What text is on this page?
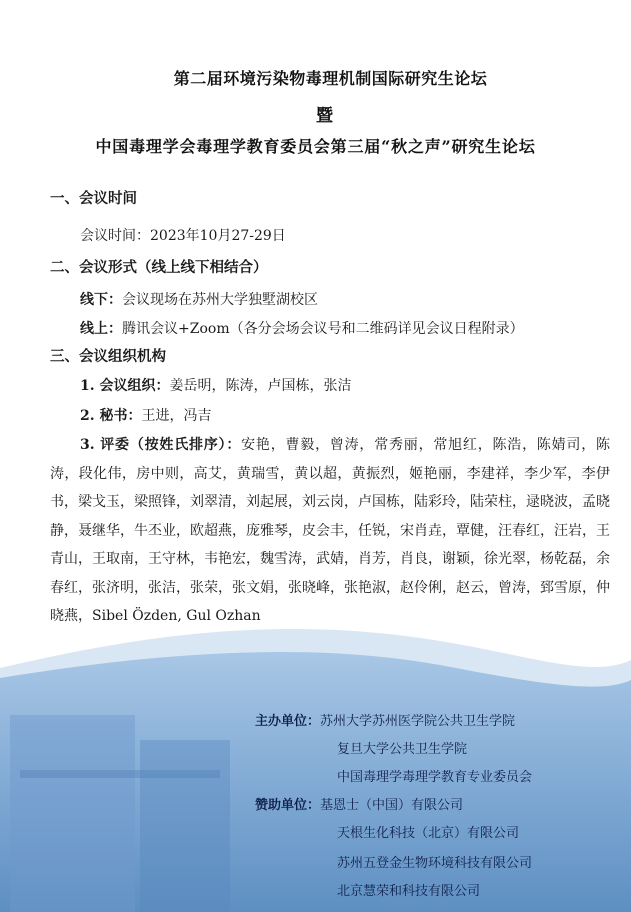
第二届环境污染物毒理机制国际研究生论坛
暨
中国毒理学会毒理学教育委员会第三届“秋之声”研究生论坛
一、会议时间
会议时间：2023年10月27-29日
二、会议形式（线上线下相结合）
线下：会议现场在苏州大学独墅湖校区
线上：腾讯会议+Zoom（各分会场会议号和二维码详见会议日程附录）
三、会议组织机构
1. 会议组织：姜岳明，陈涛，卢国栋，张洁
2. 秘书：王进，冯吉
3. 评委（按姓氏排序）：安艳，曹毅，曾涛，常秀丽，常旭红，陈浩，陈婧司，陈涛，段化伟，房中则，高艾，黄瑞雪，黄以超，黄振烈，姬艳丽，李建祥，李少军，李伊书，梁戈玉，梁照锋，刘翠清，刘起展，刘云岗，卢国栋，陆彩玲，陆荣柱，逯晓波，孟晓静，聂继华，牛丕业，欧超燕，庞雅琴，皮会丰，任锐，宋肖垚，覃健，汪春红，汪岩，王青山，王取南，王守林，韦艳宏，魏雪涛，武婧，肖芳，肖良，谢颖，徐光翠，杨乾磊，余春红，张济明，张洁，张荣，张文娟，张晓峰，张艳淑，赵伶俐，赵云，曾涛，郅雪原，仲晓燕，Sibel Özden, Gul Ozhan
主办单位：苏州大学苏州医学院公共卫生学院
复旦大学公共卫生学院
中国毒理学毒理学教育专业委员会
赞助单位：基恩士（中国）有限公司
天根生化科技（北京）有限公司
苏州五登金生物环境科技有限公司
北京慧荣和科技有限公司
